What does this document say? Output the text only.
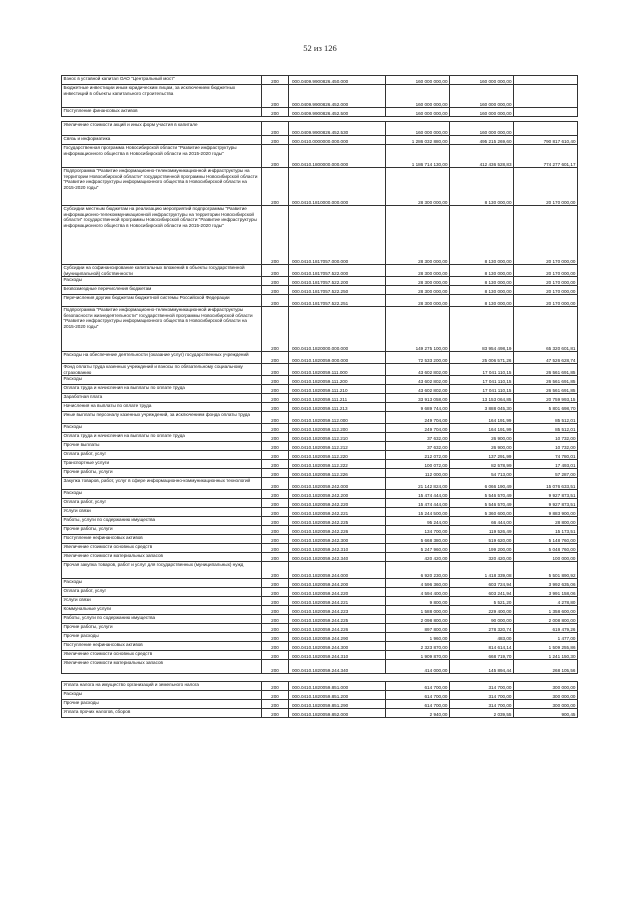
52 из 126
Взнос в уставной капитал ОАО "Центральный мост"	200	000.0409.9900826.450.000	160 000 000,00	160 000 000,00	
Бюджетные инвестиции иным юридическим лицам, за исключением бюджетных инвестиций в объекты капитального строительства	200	000.0409.9900826.452.000	160 000 000,00	160 000 000,00	
Поступление финансовых активов	200	000.0409.9900826.452.500	160 000 000,00	160 000 000,00	

Увеличение стоимости акций и иных форм участия в капитале	200	000.0409.9900826.452.530	160 000 000,00	160 000 000,00	
Связь и информатика	200	000.0410.0000000.000.000	1 286 032 880,00	495 215 269,60	790 817 610,40
Государственная программа Новосибирской области "Развитие инфраструктуры информационного общества в Новосибирской области на 2015-2020 годы"	200	000.0410.1800000.000.000	1 186 714 130,00	412 436 528,83	774 277 601,17
Подпрограмма "Развитие информационно-телекоммуникационной инфраструктуры на территории Новосибирской области" государственной программы Новосибирской области "Развитие инфраструктуры информационного общества в Новосибирской области на 2015-2020 годы"	200	000.0410.1810000.000.000	28 300 000,00	8 130 000,00	20 170 000,00
Субсидии местным бюджетам на реализацию мероприятий подпрограммы "Развитие информационно-телекоммуникационной инфраструктуры на территории Новосибирской области" государственной программы Новосибирской области "Развитие инфраструктуры информационного общества в Новосибирской области на 2015-2020 годы"	200	000.0410.1817057.000.000	28 300 000,00	8 130 000,00	20 170 000,00
Субсидии на софинансирование капитальных вложений в объекты государственной (муниципальной) собственности	200	000.0410.1817057.522.000	28 300 000,00	8 130 000,00	20 170 000,00
Расходы	200	000.0410.1817057.522.200	28 300 000,00	8 130 000,00	20 170 000,00
Безвозмездные перечисления бюджетам	200	000.0410.1817057.522.250	28 300 000,00	8 130 000,00	20 170 000,00
Перечисления другим бюджетам бюджетной системы Российской Федерации	200	000.0410.1817057.522.251	28 300 000,00	8 130 000,00	20 170 000,00
Подпрограмма "Развитие информационно-телекоммуникационной инфраструктуры безопасности жизнедеятельности" государственной программы Новосибирской области "Развитие инфраструктуры информационного общества в Новосибирской области на 2015-2020 годы"	200	000.0410.1820000.000.000	149 275 100,00	83 954 498,19	65 320 601,81
Расходы на обеспечение деятельности (оказание услуг) государственных учреждений	200	000.0410.1820059.000.000	72 533 200,00	25 006 571,26	47 526 628,74
Фонд оплаты труда казенных учреждений и взносы по обязательному социальному страхованию	200	000.0410.1820059.111.000	43 602 802,00	17 041 110,15	26 561 691,85
Расходы	200	000.0410.1820059.111.200	43 602 802,00	17 041 110,15	26 561 691,85
Оплата труда и начисления на выплаты по оплате труда	200	000.0410.1820059.111.210	43 602 802,00	17 041 110,15	26 561 691,85
Заработная плата	200	000.0410.1820059.111.211	33 913 058,00	13 153 064,85	20 759 993,15
Начисления на выплаты по оплате труда	200	000.0410.1820059.111.213	9 689 744,00	3 888 045,30	5 801 698,70
Иные выплаты персоналу казенных учреждений, за исключением фонда оплаты труда	200	000.0410.1820059.112.000	249 704,00	164 191,99	85 512,01
Расходы	200	000.0410.1820059.112.200	249 704,00	164 191,99	85 512,01
Оплата труда и начисления на выплаты по оплате труда	200	000.0410.1820059.112.210	37 632,00	26 900,00	10 732,00
Прочие выплаты	200	000.0410.1820059.112.212	37 632,00	26 900,00	10 732,00
Оплата работ, услуг	200	000.0410.1820059.112.220	212 072,00	137 291,99	74 780,01
Транспортные услуги	200	000.0410.1820059.112.222	100 072,00	82 578,99	17 493,01
Прочие работы, услуги	200	000.0410.1820059.112.226	112 000,00	54 713,00	57 287,00
Закупка товаров, работ, услуг в сфере информационно-коммуникационных технологий	200	000.0410.1820059.242.000	21 142 824,00	6 066 190,49	15 076 633,51
Расходы	200	000.0410.1820059.242.200	15 474 444,00	5 546 570,49	9 927 873,51
Оплата работ, услуг	200	000.0410.1820059.242.220	15 474 444,00	5 546 570,49	9 927 873,51
Услуги связи	200	000.0410.1820059.242.221	15 244 500,00	5 360 600,00	9 883 900,00
Работы, услуги по содержанию имущества	200	000.0410.1820059.242.225	95 244,00	66 444,00	28 800,00
Прочие работы, услуги	200	000.0410.1820059.242.226	134 700,00	119 526,49	15 173,51
Поступление нефинансовых активов	200	000.0410.1820059.242.300	5 668 380,00	519 620,00	5 148 760,00
Увеличение стоимости основных средств	200	000.0410.1820059.242.310	5 247 960,00	199 200,00	5 048 760,00
Увеличение стоимости материальных запасов	200	000.0410.1820059.242.340	420 420,00	320 420,00	100 000,00
Прочая закупка товаров, работ и услуг для государственных (муниципальных) нужд	200	000.0410.1820059.244.000	6 920 230,00	1 418 339,08	5 501 890,92
Расходы	200	000.0410.1820059.244.200	4 596 360,00	603 724,94	3 992 635,06
Оплата работ, услуг	200	000.0410.1820059.244.220	4 594 400,00	603 241,94	3 991 158,06
Услуги связи	200	000.0410.1820059.244.221	9 800,00	5 521,20	4 278,80
Коммунальные услуги	200	000.0410.1820059.244.223	1 588 000,00	229 400,00	1 358 600,00
Работы, услуги по содержанию имущества	200	000.0410.1820059.244.225	2 098 800,00	90 000,00	2 008 800,00
Прочие работы, услуги	200	000.0410.1820059.244.226	897 800,00	278 320,74	619 479,26
Прочие расходы	200	000.0410.1820059.244.290	1 960,00	483,00	1 477,00
Поступление нефинансовых активов	200	000.0410.1820059.244.300	2 323 870,00	814 614,14	1 509 255,86
Увеличение стоимости основных средств	200	000.0410.1820059.244.310	1 909 870,00	668 719,70	1 241 150,30
Увеличение стоимости материальных запасов	200	000.0410.1820059.244.340	414 000,00	145 894,44	268 105,56

Уплата налога на имущество организаций и земельного налога	200	000.0410.1820059.851.000	614 700,00	314 700,00	300 000,00
Расходы	200	000.0410.1820059.851.200	614 700,00	314 700,00	300 000,00
Прочие расходы	200	000.0410.1820059.851.290	614 700,00	314 700,00	300 000,00
Уплата прочих налогов, сборов	200	000.0410.1820059.852.000	2 940,00	2 039,55	900,45
